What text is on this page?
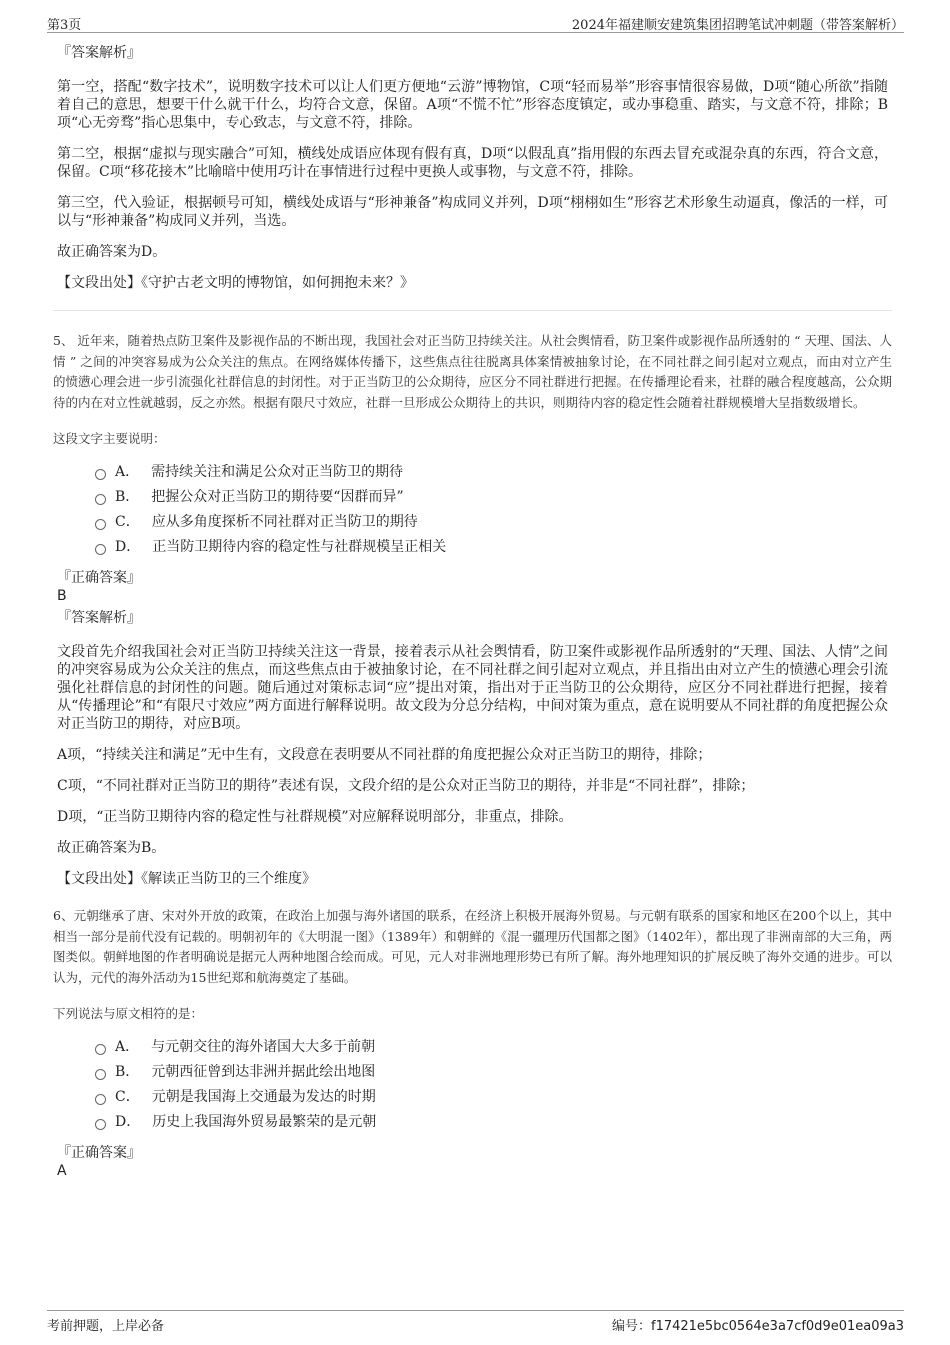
第3页	2024年福建顺安建筑集团招聘笔试冲刺题（带答案解析）
『答案解析』

第一空，搭配“数字技术”，说明数字技术可以让人们更方便地“云游”博物馆，C项“轻而易举”形容事情很容易做，D项“随心所欲”指随着自己的意思，想要干什么就干什么，均符合文意，保留。A项“不慌不忙”形容态度镇定，或办事稳重、踏实，与文意不符，排除；B项“心无旁骛”指心思集中，专心致志，与文意不符，排除。

第二空，根据“虚拟与现实融合”可知，横线处成语应体现有假有真，D项“以假乱真”指用假的东西去冒充或混杂真的东西，符合文意，保留。C项“移花接木”比喻暗中使用巧计在事情进行过程中更换人或事物，与文意不符，排除。

第三空，代入验证，根据顿号可知，横线处成语与“形神兼备”构成同义并列，D项“栩栩如生”形容艺术形象生动逼真，像活的一样，可以与“形神兼备”构成同义并列，当选。

故正确答案为D。

【文段出处】《守护古老文明的博物馆，如何拥抱未来？》

5、 近年来，随着热点防卫案件及影视作品的不断出现，我国社会对正当防卫持续关注。从社会舆情看，防卫案件或影视作品所透射的 “ 天理、国法、人情 ” 之间的冲突容易成为公众关注的焦点。在网络媒体传播下，这些焦点往往脱离具体案情被抽象讨论，在不同社群之间引起对立观点，而由对立产生的愤懑心理会进一步引流强化社群信息的封闭性。对于正当防卫的公众期待，应区分不同社群进行把握。在传播理论看来，社群的融合程度越高，公众期待的内在对立性就越弱，反之亦然。根据有限尺寸效应，社群一旦形成公众期待上的共识，则期待内容的稳定性会随着社群规模增大呈指数级增长。

这段文字主要说明：

A． 需持续关注和满足公众对正当防卫的期待
B． 把握公众对正当防卫的期待要“因群而异”
C． 应从多角度探析不同社群对正当防卫的期待
D． 正当防卫期待内容的稳定性与社群规模呈正相关
『正确答案』
B
『答案解析』

文段首先介绍我国社会对正当防卫持续关注这一背景，接着表示从社会舆情看，防卫案件或影视作品所透射的“天理、国法、人情”之间的冲突容易成为公众关注的焦点，而这些焦点由于被抽象讨论，在不同社群之间引起对立观点，并且指出由对立产生的愤懑心理会引流强化社群信息的封闭性的问题。随后通过对策标志词“应”提出对策，指出对于正当防卫的公众期待，应区分不同社群进行把握，接着从“传播理论”和“有限尺寸效应”两方面进行解释说明。故文段为分总分结构，中间对策为重点，意在说明要从不同社群的角度把握公众对正当防卫的期待，对应B项。

A项，“持续关注和满足”无中生有，文段意在表明要从不同社群的角度把握公众对正当防卫的期待，排除；

C项，“不同社群对正当防卫的期待”表述有误，文段介绍的是公众对正当防卫的期待，并非是“不同社群”，排除；

D项，“正当防卫期待内容的稳定性与社群规模”对应解释说明部分，非重点，排除。

故正确答案为B。

【文段出处】《解读正当防卫的三个维度》

6、元朝继承了唐、宋对外开放的政策，在政治上加强与海外诸国的联系，在经济上积极开展海外贸易。与元朝有联系的国家和地区在200个以上，其中相当一部分是前代没有记载的。明朝初年的《大明混一图》（1389年）和朝鲜的《混一疆理历代国都之图》（1402年），都出现了非洲南部的大三角，两图类似。朝鲜地图的作者明确说是据元人两种地图合绘而成。可见，元人对非洲地理形势已有所了解。海外地理知识的扩展反映了海外交通的进步。可以认为，元代的海外活动为15世纪郑和航海奠定了基础。

下列说法与原文相符的是：

A． 与元朝交往的海外诸国大大多于前朝
B． 元朝西征曾到达非洲并据此绘出地图
C． 元朝是我国海上交通最为发达的时期
D． 历史上我国海外贸易最繁荣的是元朝
『正确答案』
A
考前押题，上岸必备	编号：f17421e5bc0564e3a7cf0d9e01ea09a3
